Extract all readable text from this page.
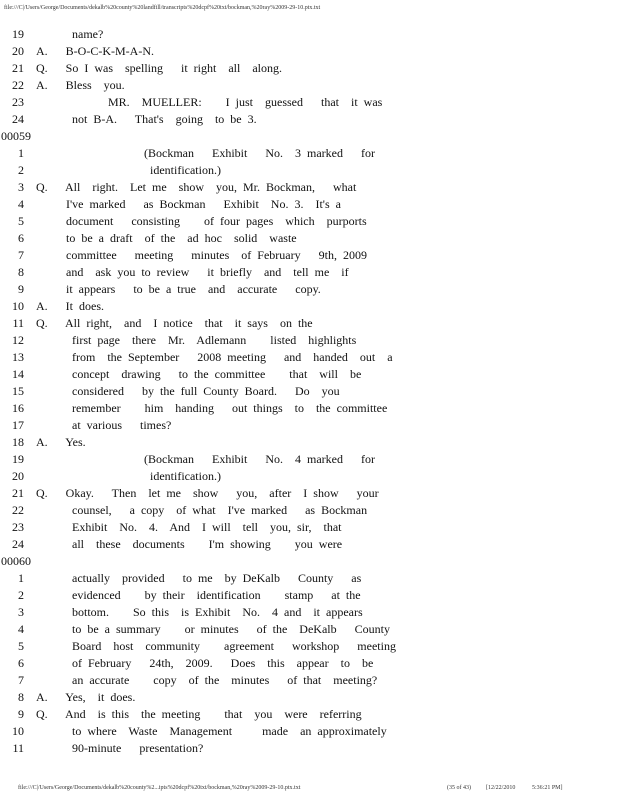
file:///C|/Users/George/Documents/dekalb%20county%20landfill/transcripts%20dcpf%20txt/bockman,%20ray%2009-29-10.ptx.txt
19 name?
20 A.   B-O-C-K-M-A-N.
21 Q.   So I was  spelling   it right  all  along.
22 A.   Bless  you.
23 MR.  MUELLER:    I just  guessed   that  it was
24 not B-A.   That's  going  to be 3.
00059
1 (Bockman   Exhibit   No.  3 marked   for
2 identification.)
3 Q.   All  right.  Let me  show  you, Mr. Bockman,   what
4 I've marked   as Bockman   Exhibit  No. 3.  It's a
5 document   consisting    of four pages  which  purports
6 to be a draft  of the  ad hoc  solid  waste
7 committee   meeting   minutes  of February   9th, 2009
8 and  ask you to review   it briefly  and  tell me  if
9 it appears   to be a true  and  accurate   copy.
10 A.   It does.
11 Q.   All right,  and  I notice  that  it says  on the
12 first page  there  Mr.  Adlemann    listed  highlights
13 from  the September   2008 meeting   and  handed  out  a
14 concept  drawing   to the committee    that  will  be
15 considered   by the full County Board.   Do  you
16 remember    him  handing   out things  to  the committee
17 at various   times?
18 A.   Yes.
19 (Bockman   Exhibit   No.  4 marked   for
20 identification.)
21 Q.   Okay.   Then  let me  show   you,  after  I show   your
22 counsel,   a copy  of what  I've marked   as Bockman
23 Exhibit  No.  4.  And  I will  tell  you, sir,  that
24 all  these  documents    I'm showing    you were
00060
1 actually  provided   to me  by DeKalb   County   as
2 evidenced    by their  identification    stamp   at the
3 bottom.    So this  is Exhibit  No.  4 and  it appears
4 to be a summary    or minutes   of the  DeKalb   County
5 Board  host  community    agreement   workshop   meeting
6 of February   24th,  2009.   Does  this  appear  to  be
7 an accurate    copy  of the  minutes   of that  meeting?
8 A.   Yes,  it does.
9 Q.   And  is this  the meeting    that  you  were  referring
10 to where  Waste  Management     made  an approximately
11 90-minute   presentation?
file:///C|/Users/George/Documents/dekalb%20county%2...ipts%20dcpf%20txt/bockman,%20ray%2009-29-10.ptx.txt	(35 of 43)	[12/22/2010	5:36:21 PM]
